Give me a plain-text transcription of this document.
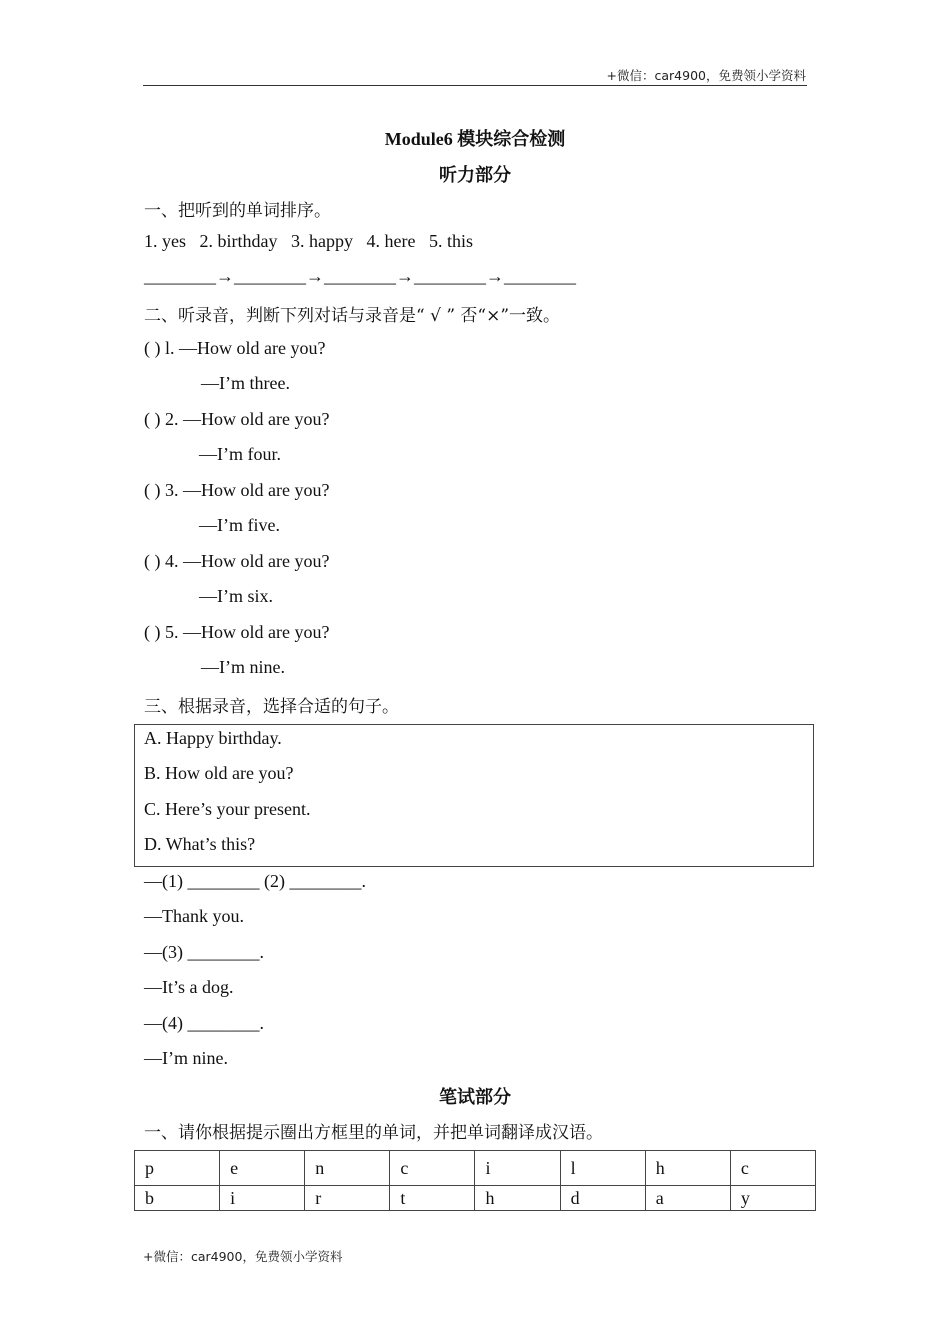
+微信：car4900，免费领小学资料
Module6 模块综合检测
听力部分
一、把听到的单词排序。
1. yes   2. birthday   3. happy   4. here   5. this
________→________→________→________→________
二、听录音，判断下列对话与录音是“ √ ” 否“×”一致。
( ) l. —How old are you?
—I’m three.
( ) 2. —How old are you?
—I’m four.
( ) 3. —How old are you?
—I’m five.
( ) 4. —How old are you?
—I’m six.
( ) 5. —How old are you?
—I’m nine.
三、根据录音，选择合适的句子。
A. Happy birthday.
B. How old are you?
C. Here’s your present.
D. What’s this?
—(1) ________ (2) ________.
—Thank you.
—(3) ________.
—It’s a dog.
—(4) ________.
—I’m nine.
笔试部分
一、请你根据提示圈出方框里的单词，并把单词翻译成汉语。
p	e	n	c	i	l	h	c
b	i	r	t	h	d	a	y
+微信：car4900，免费领小学资料
